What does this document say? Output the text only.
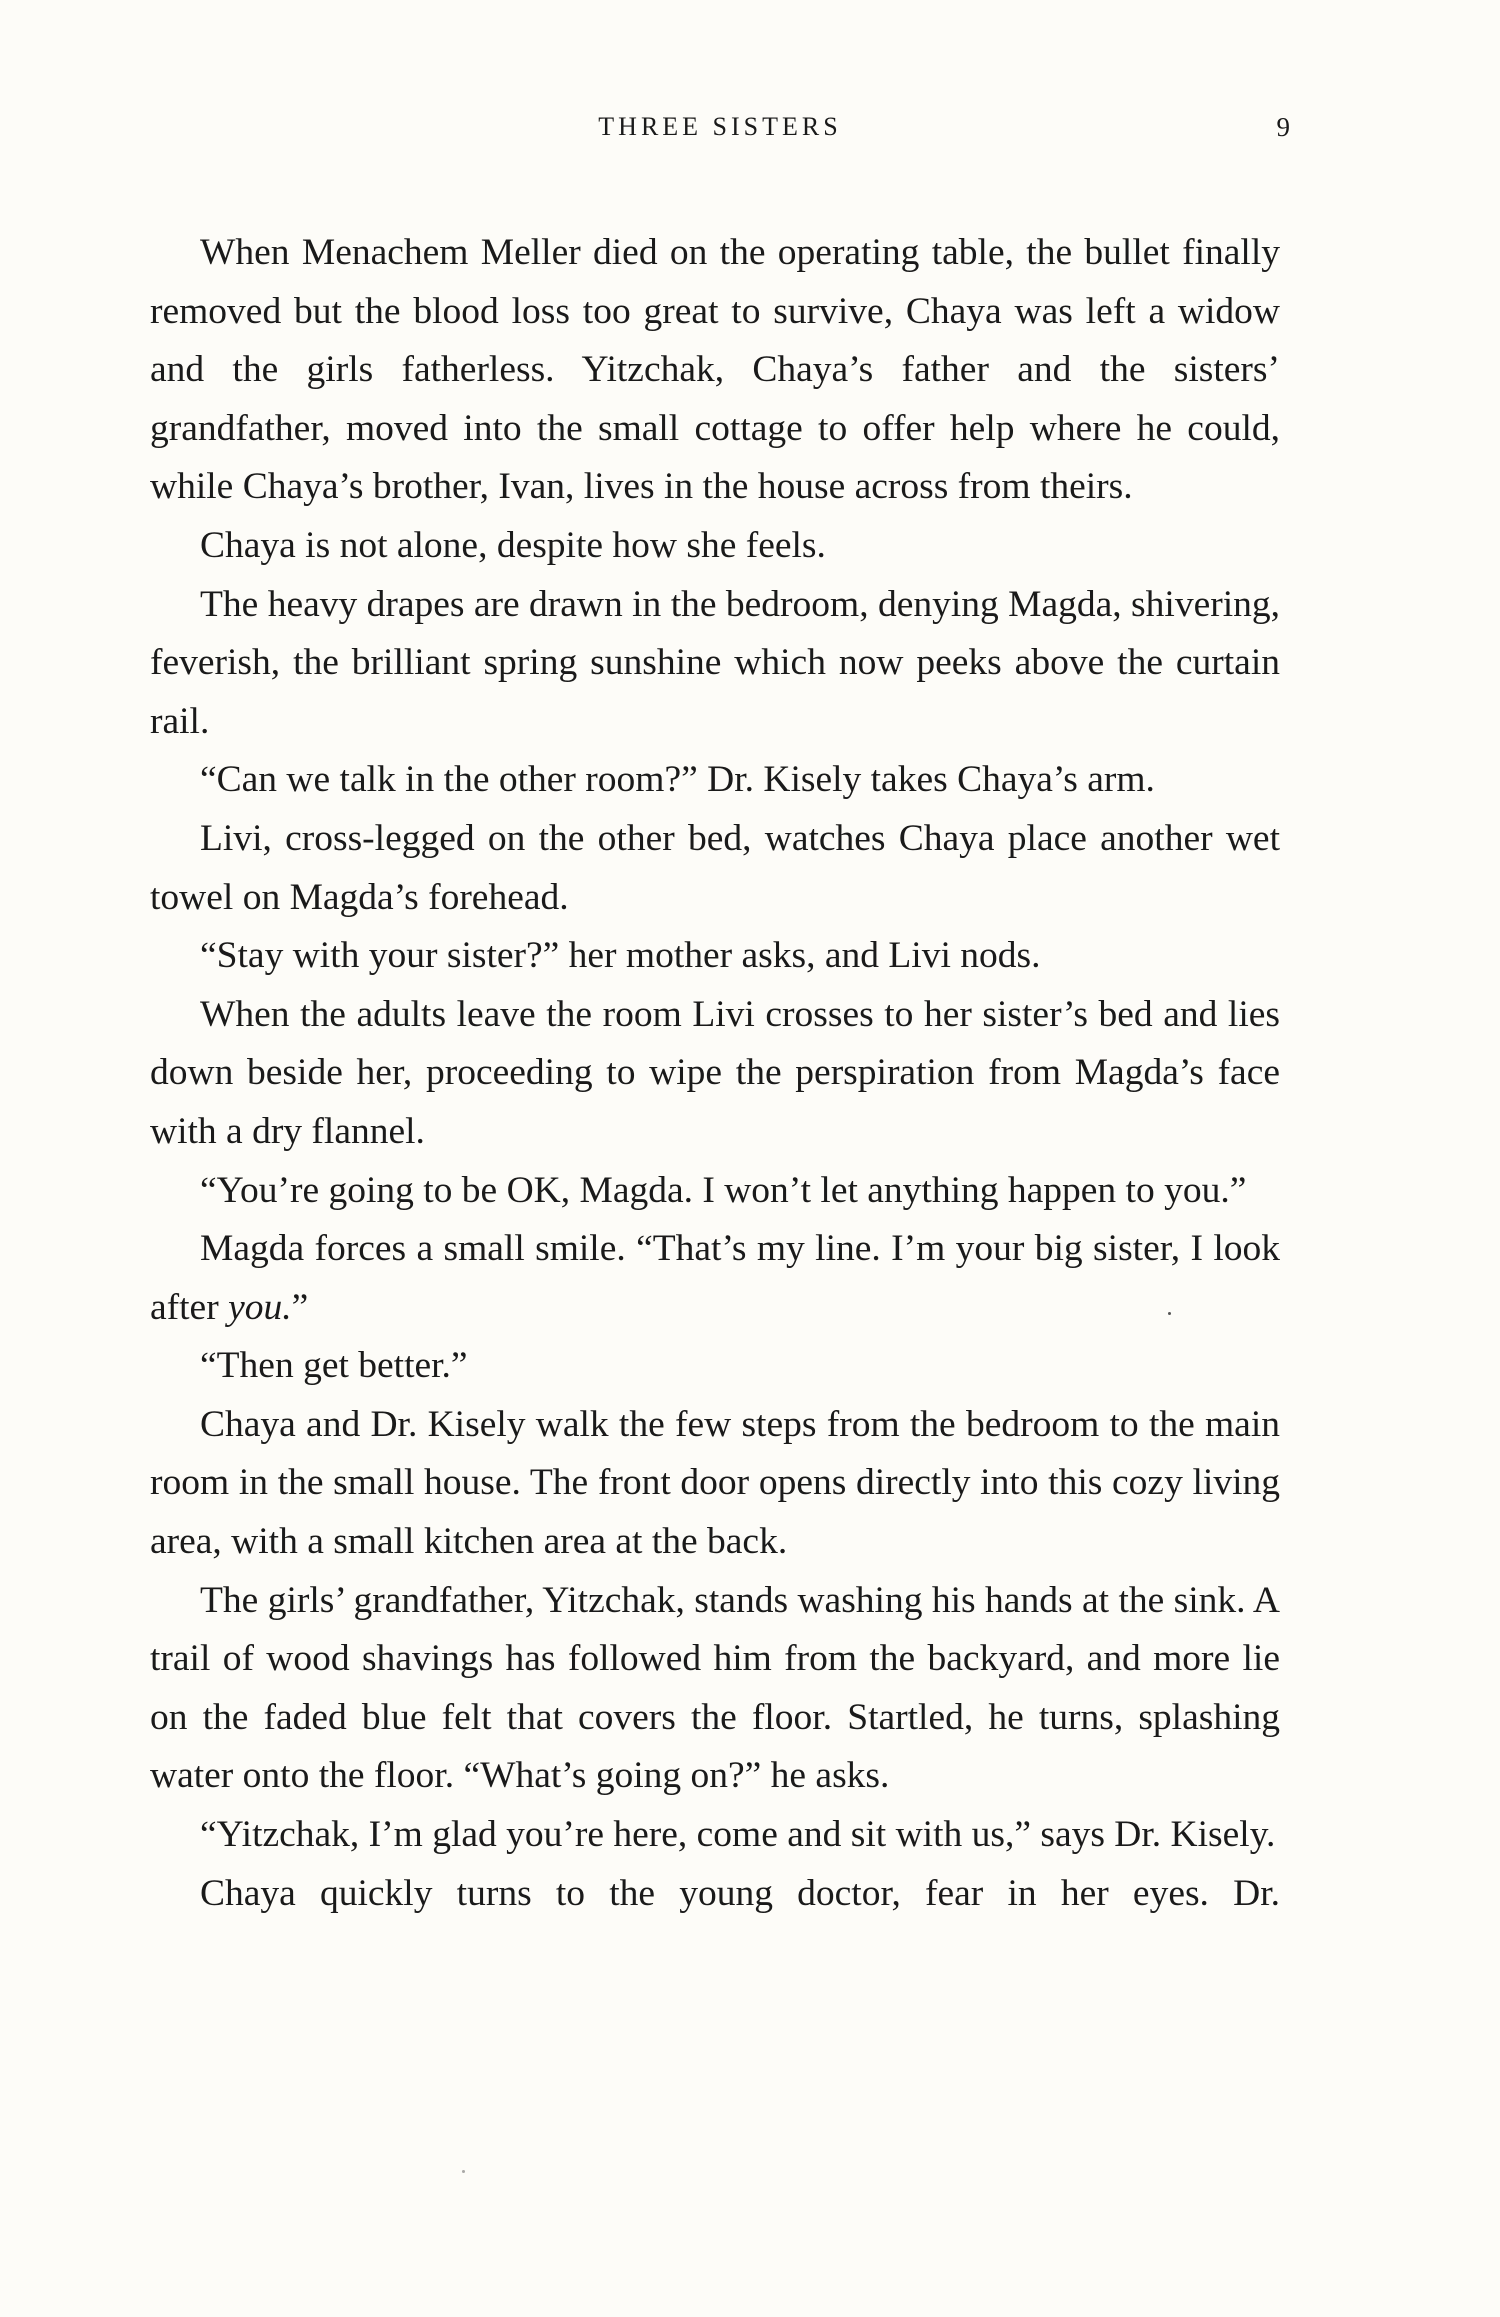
THREE SISTERS	9

When Menachem Meller died on the operating table, the bullet finally removed but the blood loss too great to survive, Chaya was left a widow and the girls fatherless. Yitzchak, Chaya’s father and the sisters’ grandfather, moved into the small cottage to offer help where he could, while Chaya’s brother, Ivan, lives in the house across from theirs.

Chaya is not alone, despite how she feels.

The heavy drapes are drawn in the bedroom, denying Magda, shivering, feverish, the brilliant spring sunshine which now peeks above the curtain rail.

“Can we talk in the other room?” Dr. Kisely takes Chaya’s arm.

Livi, cross-legged on the other bed, watches Chaya place another wet towel on Magda’s forehead.

“Stay with your sister?” her mother asks, and Livi nods.

When the adults leave the room Livi crosses to her sister’s bed and lies down beside her, proceeding to wipe the perspiration from Magda’s face with a dry flannel.

“You’re going to be OK, Magda. I won’t let anything happen to you.”

Magda forces a small smile. “That’s my line. I’m your big sister, I look after you.”

“Then get better.”

Chaya and Dr. Kisely walk the few steps from the bedroom to the main room in the small house. The front door opens directly into this cozy living area, with a small kitchen area at the back.

The girls’ grandfather, Yitzchak, stands washing his hands at the sink. A trail of wood shavings has followed him from the backyard, and more lie on the faded blue felt that covers the floor. Startled, he turns, splashing water onto the floor. “What’s going on?” he asks.

“Yitzchak, I’m glad you’re here, come and sit with us,” says Dr. Kisely.

Chaya quickly turns to the young doctor, fear in her eyes. Dr.
